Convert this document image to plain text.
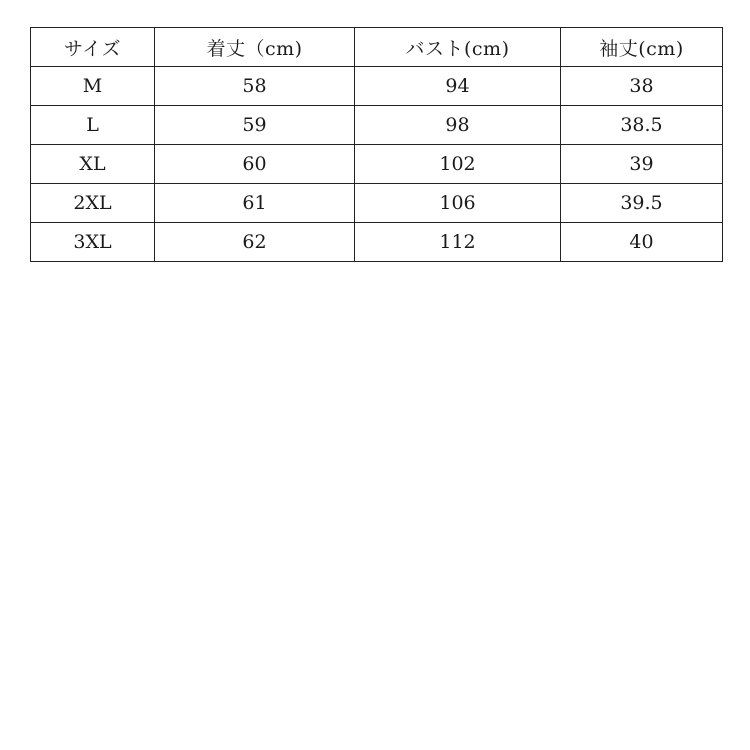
サイズ	着丈（cm)	バスト(cm)	袖丈(cm)
M	58	94	38
L	59	98	38.5
XL	60	102	39
2XL	61	106	39.5
3XL	62	112	40
